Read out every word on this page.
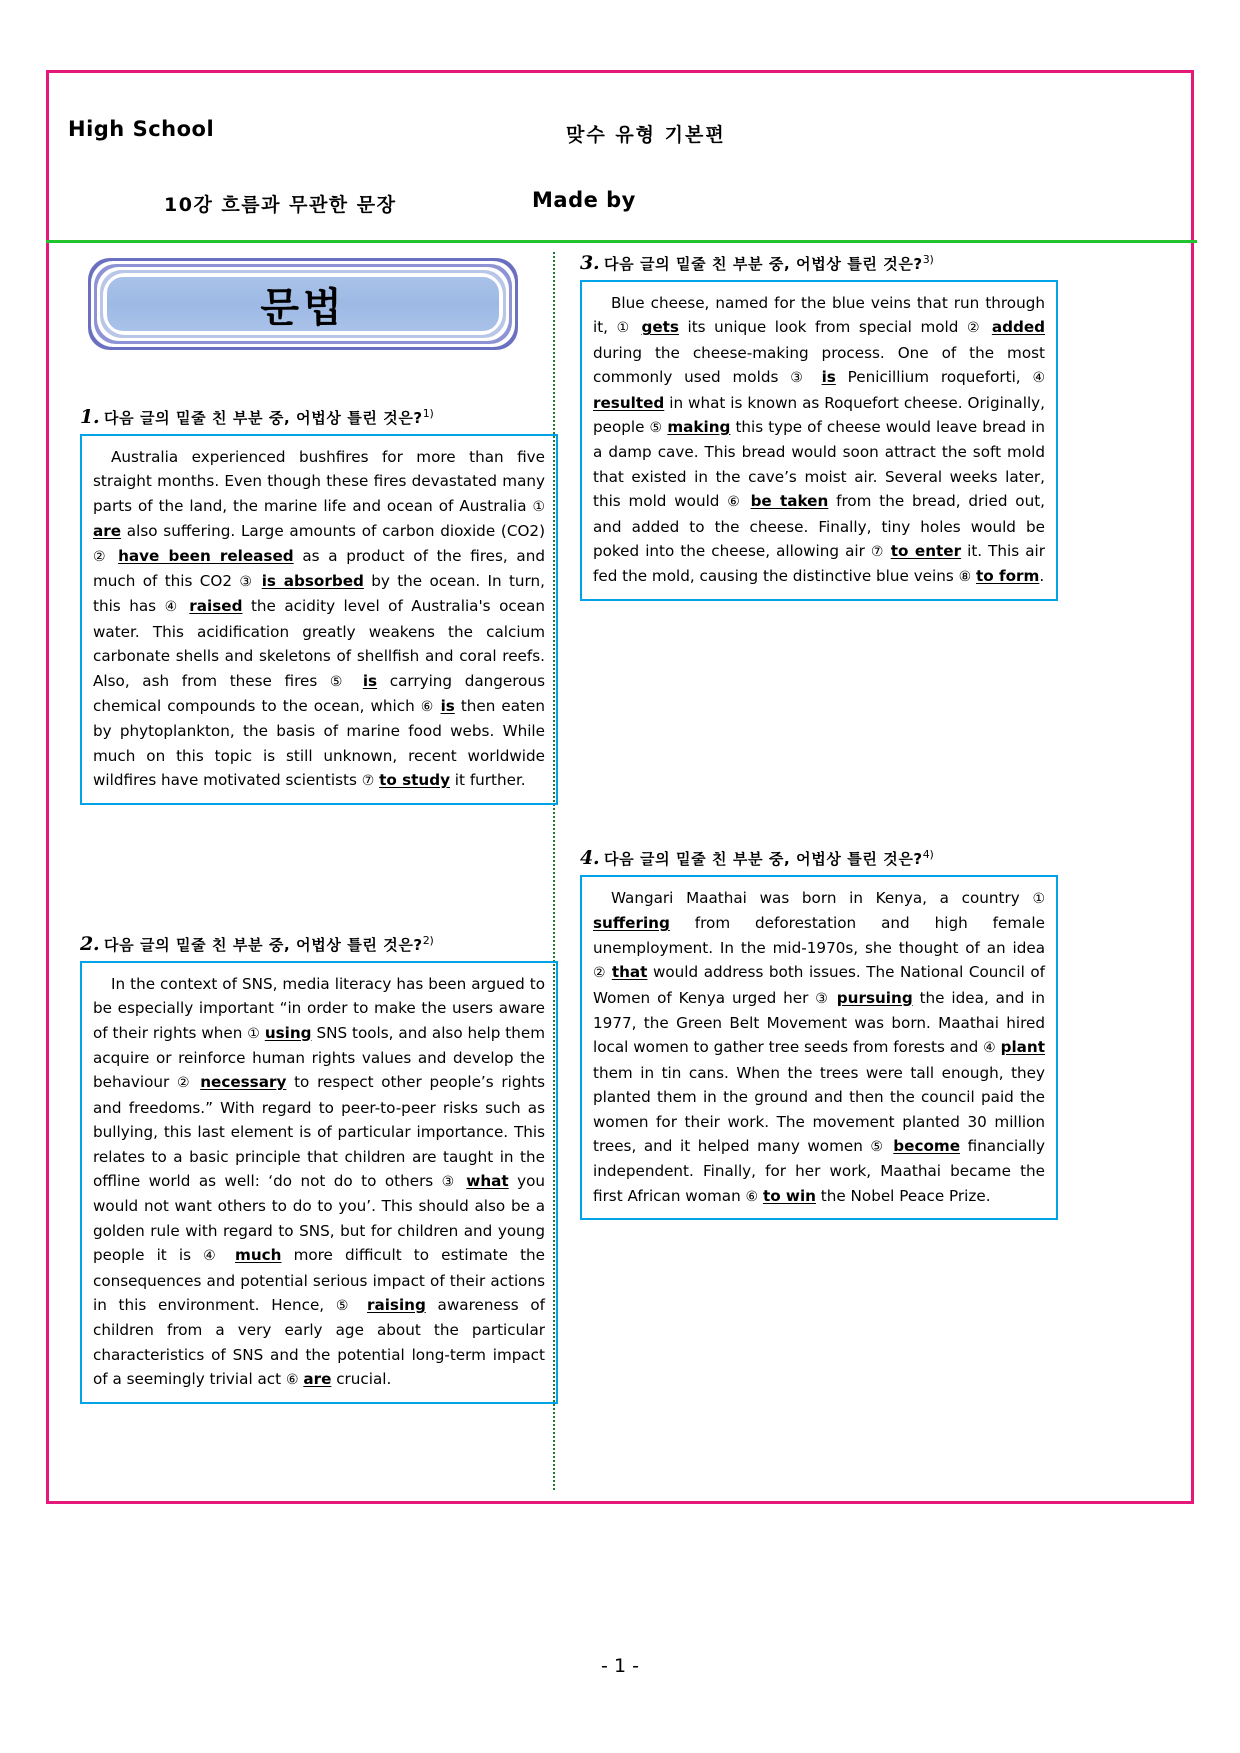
High School	맞수 유형 기본편
10강 흐름과 무관한 문장	Made by
문법
1. 다음 글의 밑줄 친 부분 중, 어법상 틀린 것은?$^{1)}$
Australia experienced bushfires for more than five straight months. Even though these fires devastated many parts of the land, the marine life and ocean of Australia ① are also suffering. Large amounts of carbon dioxide (CO2) ② have been released as a product of the fires, and much of this CO2 ③ is absorbed by the ocean. In turn, this has ④ raised the acidity level of Australia's ocean water. This acidification greatly weakens the calcium carbonate shells and skeletons of shellfish and coral reefs. Also, ash from these fires ⑤ is carrying dangerous chemical compounds to the ocean, which ⑥ is then eaten by phytoplankton, the basis of marine food webs. While much on this topic is still unknown, recent worldwide wildfires have motivated scientists ⑦ to study it further.
2. 다음 글의 밑줄 친 부분 중, 어법상 틀린 것은?$^{2)}$
In the context of SNS, media literacy has been argued to be especially important “in order to make the users aware of their rights when ① using SNS tools, and also help them acquire or reinforce human rights values and develop the behaviour ② necessary to respect other people’s rights and freedoms.” With regard to peer-to-peer risks such as bullying, this last element is of particular importance. This relates to a basic principle that children are taught in the offline world as well: ‘do not do to others ③ what you would not want others to do to you’. This should also be a golden rule with regard to SNS, but for children and young people it is ④ much more difficult to estimate the consequences and potential serious impact of their actions in this environment. Hence, ⑤ raising awareness of children from a very early age about the particular characteristics of SNS and the potential long-term impact of a seemingly trivial act ⑥ are crucial.
3. 다음 글의 밑줄 친 부분 중, 어법상 틀린 것은?$^{3)}$
Blue cheese, named for the blue veins that run through it, ① gets its unique look from special mold ② added during the cheese-making process. One of the most commonly used molds ③ is Penicillium roqueforti, ④ resulted in what is known as Roquefort cheese. Originally, people ⑤ making this type of cheese would leave bread in a damp cave. This bread would soon attract the soft mold that existed in the cave’s moist air. Several weeks later, this mold would ⑥ be taken from the bread, dried out, and added to the cheese. Finally, tiny holes would be poked into the cheese, allowing air ⑦ to enter it. This air fed the mold, causing the distinctive blue veins ⑧ to form.
4. 다음 글의 밑줄 친 부분 중, 어법상 틀린 것은?$^{4)}$
Wangari Maathai was born in Kenya, a country ① suffering from deforestation and high female unemployment. In the mid-1970s, she thought of an idea ② that would address both issues. The National Council of Women of Kenya urged her ③ pursuing the idea, and in 1977, the Green Belt Movement was born. Maathai hired local women to gather tree seeds from forests and ④ plant them in tin cans. When the trees were tall enough, they planted them in the ground and then the council paid the women for their work. The movement planted 30 million trees, and it helped many women ⑤ become financially independent. Finally, for her work, Maathai became the first African woman ⑥ to win the Nobel Peace Prize.
- 1 -
